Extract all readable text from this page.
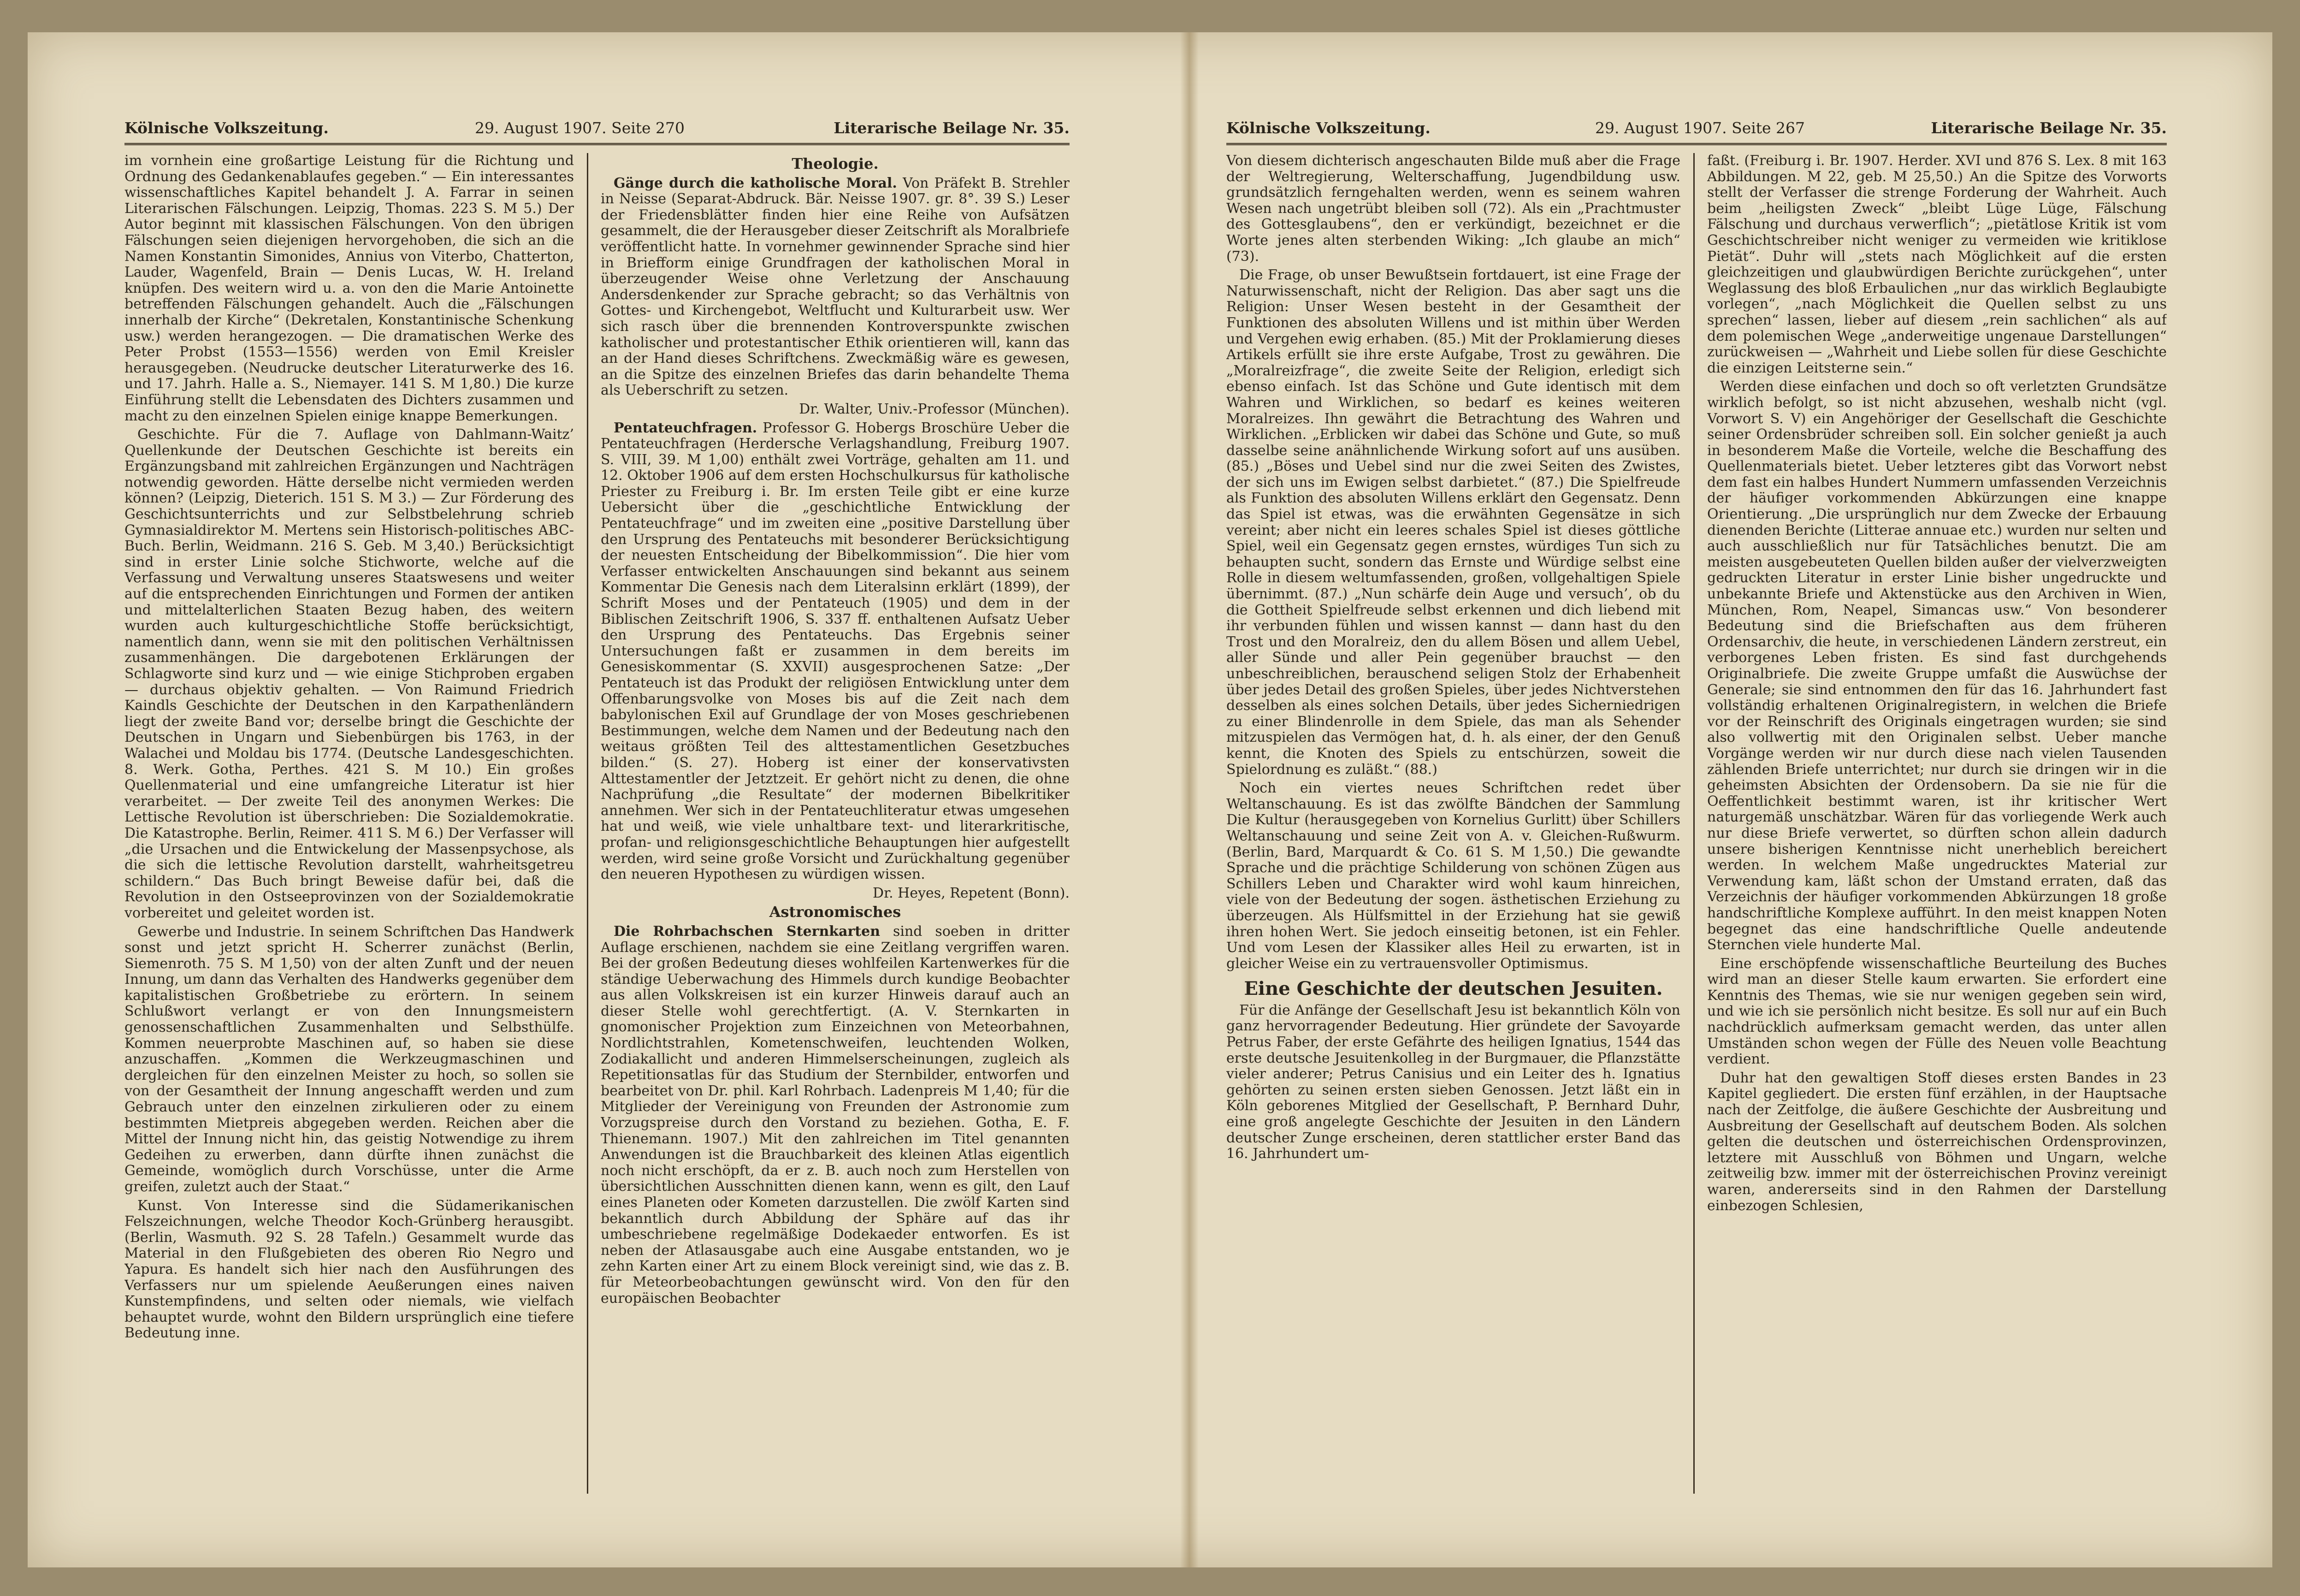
Kölnische Volkszeitung.	29. August 1907. Seite 270	Literarische Beilage Nr. 35.

im vornhein eine großartige Leistung für die Richtung und Ordnung des Gedankenablaufes gegeben.“ — Ein interessantes wissenschaftliches Kapitel behandelt J. A. Farrar in seinen Literarischen Fälschungen. Leipzig, Thomas. 223 S. M 5.) Der Autor beginnt mit klassischen Fälschungen. Von den übrigen Fälschungen seien diejenigen hervorgehoben, die sich an die Namen Konstantin Simonides, Annius von Viterbo, Chatterton, Lauder, Wagenfeld, Brain — Denis Lucas, W. H. Ireland knüpfen. Des weitern wird u. a. von den die Marie Antoinette betreffenden Fälschungen gehandelt. Auch die „Fälschungen innerhalb der Kirche“ (Dekretalen, Konstantinische Schenkung usw.) werden herangezogen. — Die dramatischen Werke des Peter Probst (1553—1556) werden von Emil Kreisler herausgegeben. (Neudrucke deutscher Literaturwerke des 16. und 17. Jahrh. Halle a. S., Niemayer. 141 S. M 1,80.) Die kurze Einführung stellt die Lebensdaten des Dichters zusammen und macht zu den einzelnen Spielen einige knappe Bemerkungen.

Geschichte. Für die 7. Auflage von Dahlmann-Waitz’ Quellenkunde der Deutschen Geschichte ist bereits ein Ergänzungsband mit zahlreichen Ergänzungen und Nachträgen notwendig geworden. Hätte derselbe nicht vermieden werden können? (Leipzig, Dieterich. 151 S. M 3.) — Zur Förderung des Geschichtsunterrichts und zur Selbstbelehrung schrieb Gymnasialdirektor M. Mertens sein Historisch-politisches ABC-Buch. Berlin, Weidmann. 216 S. Geb. M 3,40.) Berücksichtigt sind in erster Linie solche Stichworte, welche auf die Verfassung und Verwaltung unseres Staatswesens und weiter auf die entsprechenden Einrichtungen und Formen der antiken und mittelalterlichen Staaten Bezug haben, des weitern wurden auch kulturgeschichtliche Stoffe berücksichtigt, namentlich dann, wenn sie mit den politischen Verhältnissen zusammenhängen. Die dargebotenen Erklärungen der Schlagworte sind kurz und — wie einige Stichproben ergaben — durchaus objektiv gehalten. — Von Raimund Friedrich Kaindls Geschichte der Deutschen in den Karpathenländern liegt der zweite Band vor; derselbe bringt die Geschichte der Deutschen in Ungarn und Siebenbürgen bis 1763, in der Walachei und Moldau bis 1774. (Deutsche Landesgeschichten. 8. Werk. Gotha, Perthes. 421 S. M 10.) Ein großes Quellenmaterial und eine umfangreiche Literatur ist hier verarbeitet. — Der zweite Teil des anonymen Werkes: Die Lettische Revolution ist überschrieben: Die Sozialdemokratie. Die Katastrophe. Berlin, Reimer. 411 S. M 6.) Der Verfasser will „die Ursachen und die Entwickelung der Massenpsychose, als die sich die lettische Revolution darstellt, wahrheitsgetreu schildern.“ Das Buch bringt Beweise dafür bei, daß die Revolution in den Ostseeprovinzen von der Sozialdemokratie vorbereitet und geleitet worden ist.

Gewerbe und Industrie. In seinem Schriftchen Das Handwerk sonst und jetzt spricht H. Scherrer zunächst (Berlin, Siemenroth. 75 S. M 1,50) von der alten Zunft und der neuen Innung, um dann das Verhalten des Handwerks gegenüber dem kapitalistischen Großbetriebe zu erörtern. In seinem Schlußwort verlangt er von den Innungsmeistern genossenschaftlichen Zusammenhalten und Selbsthülfe. Kommen neuerprobte Maschinen auf, so haben sie diese anzuschaffen. „Kommen die Werkzeugmaschinen und dergleichen für den einzelnen Meister zu hoch, so sollen sie von der Gesamtheit der Innung angeschafft werden und zum Gebrauch unter den einzelnen zirkulieren oder zu einem bestimmten Mietpreis abgegeben werden. Reichen aber die Mittel der Innung nicht hin, das geistig Notwendige zu ihrem Gedeihen zu erwerben, dann dürfte ihnen zunächst die Gemeinde, womöglich durch Vorschüsse, unter die Arme greifen, zuletzt auch der Staat.“

Kunst. Von Interesse sind die Südamerikanischen Felszeichnungen, welche Theodor Koch-Grünberg herausgibt. (Berlin, Wasmuth. 92 S. 28 Tafeln.) Gesammelt wurde das Material in den Flußgebieten des oberen Rio Negro und Yapura. Es handelt sich hier nach den Ausführungen des Verfassers nur um spielende Aeußerungen eines naiven Kunstempfindens, und selten oder niemals, wie vielfach behauptet wurde, wohnt den Bildern ursprünglich eine tiefere Bedeutung inne.

Theologie.

Gänge durch die katholische Moral. Von Präfekt B. Strehler in Neisse (Separat-Abdruck. Bär. Neisse 1907. gr. 8°. 39 S.) Leser der Friedensblätter finden hier eine Reihe von Aufsätzen gesammelt, die der Herausgeber dieser Zeitschrift als Moralbriefe veröffentlicht hatte. In vornehmer gewinnender Sprache sind hier in Briefform einige Grundfragen der katholischen Moral in überzeugender Weise ohne Verletzung der Anschauung Andersdenkender zur Sprache gebracht; so das Verhältnis von Gottes- und Kirchengebot, Weltflucht und Kulturarbeit usw. Wer sich rasch über die brennenden Kontroverspunkte zwischen katholischer und protestantischer Ethik orientieren will, kann das an der Hand dieses Schriftchens. Zweckmäßig wäre es gewesen, an die Spitze des einzelnen Briefes das darin behandelte Thema als Ueberschrift zu setzen.

Dr. Walter, Univ.-Professor (München).

Pentateuchfragen. Professor G. Hobergs Broschüre Ueber die Pentateuchfragen (Herdersche Verlagshandlung, Freiburg 1907. S. VIII, 39. M 1,00) enthält zwei Vorträge, gehalten am 11. und 12. Oktober 1906 auf dem ersten Hochschulkursus für katholische Priester zu Freiburg i. Br. Im ersten Teile gibt er eine kurze Uebersicht über die „geschichtliche Entwicklung der Pentateuchfrage“ und im zweiten eine „positive Darstellung über den Ursprung des Pentateuchs mit besonderer Berücksichtigung der neuesten Entscheidung der Bibelkommission“. Die hier vom Verfasser entwickelten Anschauungen sind bekannt aus seinem Kommentar Die Genesis nach dem Literalsinn erklärt (1899), der Schrift Moses und der Pentateuch (1905) und dem in der Biblischen Zeitschrift 1906, S. 337 ff. enthaltenen Aufsatz Ueber den Ursprung des Pentateuchs. Das Ergebnis seiner Untersuchungen faßt er zusammen in dem bereits im Genesiskommentar (S. XXVII) ausgesprochenen Satze: „Der Pentateuch ist das Produkt der religiösen Entwicklung unter dem Offenbarungsvolke von Moses bis auf die Zeit nach dem babylonischen Exil auf Grundlage der von Moses geschriebenen Bestimmungen, welche dem Namen und der Bedeutung nach den weitaus größten Teil des alttestamentlichen Gesetzbuches bilden.“ (S. 27). Hoberg ist einer der konservativsten Alttestamentler der Jetztzeit. Er gehört nicht zu denen, die ohne Nachprüfung „die Resultate“ der modernen Bibelkritiker annehmen. Wer sich in der Pentateuchliteratur etwas umgesehen hat und weiß, wie viele unhaltbare text- und literarkritische, profan- und religionsgeschichtliche Behauptungen hier aufgestellt werden, wird seine große Vorsicht und Zurückhaltung gegenüber den neueren Hypothesen zu würdigen wissen.

Dr. Heyes, Repetent (Bonn).

Astronomisches

Die Rohrbachschen Sternkarten sind soeben in dritter Auflage erschienen, nachdem sie eine Zeitlang vergriffen waren. Bei der großen Bedeutung dieses wohlfeilen Kartenwerkes für die ständige Ueberwachung des Himmels durch kundige Beobachter aus allen Volkskreisen ist ein kurzer Hinweis darauf auch an dieser Stelle wohl gerechtfertigt. (A. V. Sternkarten in gnomonischer Projektion zum Einzeichnen von Meteorbahnen, Nordlichtstrahlen, Kometenschweifen, leuchtenden Wolken, Zodiakallicht und anderen Himmelserscheinungen, zugleich als Repetitionsatlas für das Studium der Sternbilder, entworfen und bearbeitet von Dr. phil. Karl Rohrbach. Ladenpreis M 1,40; für die Mitglieder der Vereinigung von Freunden der Astronomie zum Vorzugspreise durch den Vorstand zu beziehen. Gotha, E. F. Thienemann. 1907.) Mit den zahlreichen im Titel genannten Anwendungen ist die Brauchbarkeit des kleinen Atlas eigentlich noch nicht erschöpft, da er z. B. auch noch zum Herstellen von übersichtlichen Ausschnitten dienen kann, wenn es gilt, den Lauf eines Planeten oder Kometen darzustellen. Die zwölf Karten sind bekanntlich durch Abbildung der Sphäre auf das ihr umbeschriebene regelmäßige Dodekaeder entworfen. Es ist neben der Atlasausgabe auch eine Ausgabe entstanden, wo je zehn Karten einer Art zu einem Block vereinigt sind, wie das z. B. für Meteorbeobachtungen gewünscht wird. Von den für den europäischen Beobachter

Kölnische Volkszeitung.	29. August 1907. Seite 267	Literarische Beilage Nr. 35.

Von diesem dichterisch angeschauten Bilde muß aber die Frage der Weltregierung, Welterschaffung, Jugendbildung usw. grundsätzlich ferngehalten werden, wenn es seinem wahren Wesen nach ungetrübt bleiben soll (72). Als ein „Prachtmuster des Gottesglaubens“, den er verkündigt, bezeichnet er die Worte jenes alten sterbenden Wiking: „Ich glaube an mich“ (73).

Die Frage, ob unser Bewußtsein fortdauert, ist eine Frage der Naturwissenschaft, nicht der Religion. Das aber sagt uns die Religion: Unser Wesen besteht in der Gesamtheit der Funktionen des absoluten Willens und ist mithin über Werden und Vergehen ewig erhaben. (85.) Mit der Proklamierung dieses Artikels erfüllt sie ihre erste Aufgabe, Trost zu gewähren. Die „Moralreizfrage“, die zweite Seite der Religion, erledigt sich ebenso einfach. Ist das Schöne und Gute identisch mit dem Wahren und Wirklichen, so bedarf es keines weiteren Moralreizes. Ihn gewährt die Betrachtung des Wahren und Wirklichen. „Erblicken wir dabei das Schöne und Gute, so muß dasselbe seine anähnlichende Wirkung sofort auf uns ausüben. (85.) „Böses und Uebel sind nur die zwei Seiten des Zwistes, der sich uns im Ewigen selbst darbietet.“ (87.) Die Spielfreude als Funktion des absoluten Willens erklärt den Gegensatz. Denn das Spiel ist etwas, was die erwähnten Gegensätze in sich vereint; aber nicht ein leeres schales Spiel ist dieses göttliche Spiel, weil ein Gegensatz gegen ernstes, würdiges Tun sich zu behaupten sucht, sondern das Ernste und Würdige selbst eine Rolle in diesem weltumfassenden, großen, vollgehaltigen Spiele übernimmt. (87.) „Nun schärfe dein Auge und versuch’, ob du die Gottheit Spielfreude selbst erkennen und dich liebend mit ihr verbunden fühlen und wissen kannst — dann hast du den Trost und den Moralreiz, den du allem Bösen und allem Uebel, aller Sünde und aller Pein gegenüber brauchst — den unbeschreiblichen, berauschend seligen Stolz der Erhabenheit über jedes Detail des großen Spieles, über jedes Nichtverstehen desselben als eines solchen Details, über jedes Sicherniedrigen zu einer Blindenrolle in dem Spiele, das man als Sehender mitzuspielen das Vermögen hat, d. h. als einer, der den Genuß kennt, die Knoten des Spiels zu entschürzen, soweit die Spielordnung es zuläßt.“ (88.)

Noch ein viertes neues Schriftchen redet über Weltanschauung. Es ist das zwölfte Bändchen der Sammlung Die Kultur (herausgegeben von Kornelius Gurlitt) über Schillers Weltanschauung und seine Zeit von A. v. Gleichen-Rußwurm. (Berlin, Bard, Marquardt & Co. 61 S. M 1,50.) Die gewandte Sprache und die prächtige Schilderung von schönen Zügen aus Schillers Leben und Charakter wird wohl kaum hinreichen, viele von der Bedeutung der sogen. ästhetischen Erziehung zu überzeugen. Als Hülfsmittel in der Erziehung hat sie gewiß ihren hohen Wert. Sie jedoch einseitig betonen, ist ein Fehler. Und vom Lesen der Klassiker alles Heil zu erwarten, ist in gleicher Weise ein zu vertrauensvoller Optimismus.

Eine Geschichte der deutschen Jesuiten.

Für die Anfänge der Gesellschaft Jesu ist bekanntlich Köln von ganz hervorragender Bedeutung. Hier gründete der Savoyarde Petrus Faber, der erste Gefährte des heiligen Ignatius, 1544 das erste deutsche Jesuitenkolleg in der Burgmauer, die Pflanzstätte vieler anderer; Petrus Canisius und ein Leiter des h. Ignatius gehörten zu seinen ersten sieben Genossen. Jetzt läßt ein in Köln geborenes Mitglied der Gesellschaft, P. Bernhard Duhr, eine groß angelegte Geschichte der Jesuiten in den Ländern deutscher Zunge erscheinen, deren stattlicher erster Band das 16. Jahrhundert um-

faßt. (Freiburg i. Br. 1907. Herder. XVI und 876 S. Lex. 8 mit 163 Abbildungen. M 22, geb. M 25,50.) An die Spitze des Vorworts stellt der Verfasser die strenge Forderung der Wahrheit. Auch beim „heiligsten Zweck“ „bleibt Lüge Lüge, Fälschung Fälschung und durchaus verwerflich“; „pietätlose Kritik ist vom Geschichtschreiber nicht weniger zu vermeiden wie kritiklose Pietät“. Duhr will „stets nach Möglichkeit auf die ersten gleichzeitigen und glaubwürdigen Berichte zurückgehen“, unter Weglassung des bloß Erbaulichen „nur das wirklich Beglaubigte vorlegen“, „nach Möglichkeit die Quellen selbst zu uns sprechen“ lassen, lieber auf diesem „rein sachlichen“ als auf dem polemischen Wege „anderweitige ungenaue Darstellungen“ zurückweisen — „Wahrheit und Liebe sollen für diese Geschichte die einzigen Leitsterne sein.“

Werden diese einfachen und doch so oft verletzten Grundsätze wirklich befolgt, so ist nicht abzusehen, weshalb nicht (vgl. Vorwort S. V) ein Angehöriger der Gesellschaft die Geschichte seiner Ordensbrüder schreiben soll. Ein solcher genießt ja auch in besonderem Maße die Vorteile, welche die Beschaffung des Quellenmaterials bietet. Ueber letzteres gibt das Vorwort nebst dem fast ein halbes Hundert Nummern umfassenden Verzeichnis der häufiger vorkommenden Abkürzungen eine knappe Orientierung. „Die ursprünglich nur dem Zwecke der Erbauung dienenden Berichte (Litterae annuae etc.) wurden nur selten und auch ausschließlich nur für Tatsächliches benutzt. Die am meisten ausgebeuteten Quellen bilden außer der vielverzweigten gedruckten Literatur in erster Linie bisher ungedruckte und unbekannte Briefe und Aktenstücke aus den Archiven in Wien, München, Rom, Neapel, Simancas usw.“ Von besonderer Bedeutung sind die Briefschaften aus dem früheren Ordensarchiv, die heute, in verschiedenen Ländern zerstreut, ein verborgenes Leben fristen. Es sind fast durchgehends Originalbriefe. Die zweite Gruppe umfaßt die Auswüchse der Generale; sie sind entnommen den für das 16. Jahrhundert fast vollständig erhaltenen Originalregistern, in welchen die Briefe vor der Reinschrift des Originals eingetragen wurden; sie sind also vollwertig mit den Originalen selbst. Ueber manche Vorgänge werden wir nur durch diese nach vielen Tausenden zählenden Briefe unterrichtet; nur durch sie dringen wir in die geheimsten Absichten der Ordensobern. Da sie nie für die Oeffentlichkeit bestimmt waren, ist ihr kritischer Wert naturgemäß unschätzbar. Wären für das vorliegende Werk auch nur diese Briefe verwertet, so dürften schon allein dadurch unsere bisherigen Kenntnisse nicht unerheblich bereichert werden. In welchem Maße ungedrucktes Material zur Verwendung kam, läßt schon der Umstand erraten, daß das Verzeichnis der häufiger vorkommenden Abkürzungen 18 große handschriftliche Komplexe aufführt. In den meist knappen Noten begegnet das eine handschriftliche Quelle andeutende Sternchen viele hunderte Mal.

Eine erschöpfende wissenschaftliche Beurteilung des Buches wird man an dieser Stelle kaum erwarten. Sie erfordert eine Kenntnis des Themas, wie sie nur wenigen gegeben sein wird, und wie ich sie persönlich nicht besitze. Es soll nur auf ein Buch nachdrücklich aufmerksam gemacht werden, das unter allen Umständen schon wegen der Fülle des Neuen volle Beachtung verdient.

Duhr hat den gewaltigen Stoff dieses ersten Bandes in 23 Kapitel gegliedert. Die ersten fünf erzählen, in der Hauptsache nach der Zeitfolge, die äußere Geschichte der Ausbreitung und Ausbreitung der Gesellschaft auf deutschem Boden. Als solchen gelten die deutschen und österreichischen Ordensprovinzen, letztere mit Ausschluß von Böhmen und Ungarn, welche zeitweilig bzw. immer mit der österreichischen Provinz vereinigt waren, andererseits sind in den Rahmen der Darstellung einbezogen Schlesien,
